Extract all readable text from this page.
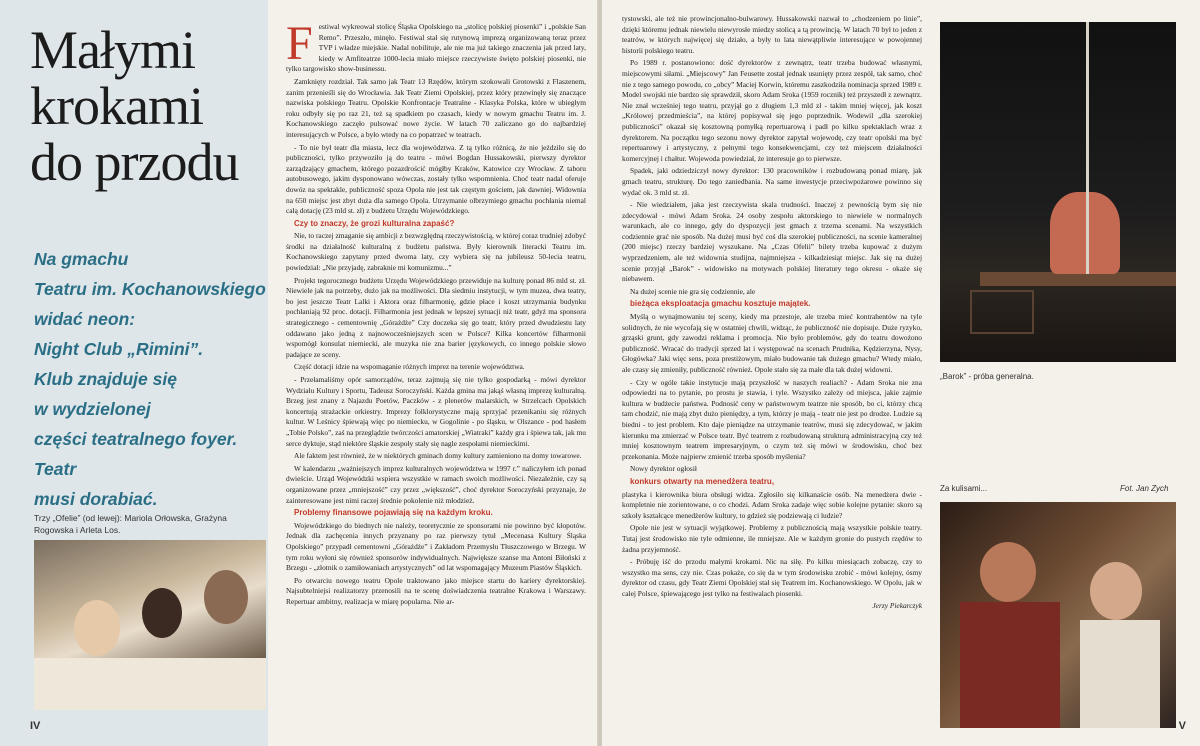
Małymi
krokami
do przodu
Na gmachu
Teatru im. Kochanowskiego
widać neon:
Night Club „Rimini”.
Klub znajduje się
w wydzielonej
części teatralnego foyer.
Teatr
musi dorabiać.
Trzy „Ofelie” (od lewej): Mariola Orłowska, Grażyna Rogowska i Arleta Los.
F estiwal wykreował stolicę Śląska Opolskiego na „stolicę polskiej piosenki” i „polskie San Remo”. Przeszło, minęło. Festiwal stał się rutynową imprezą organizowaną teraz przez TVP i władze miejskie. Nadal nobilituje, ale nie ma już takiego znaczenia jak przed laty, kiedy w Amfiteatrze 1000-lecia miało miejsce rzeczywiste święto polskiej piosenki, nie tylko targowisko show-businessu.

Zamknięty rozdział. Tak samo jak Teatr 13 Rzędów, którym szokowali Grotowski z Flaszenem, zanim przenieśli się do Wrocławia. Jak Teatr Ziemi Opolskiej, przez który przewinęły się znaczące nazwiska polskiego Teatru. Opolskie Konfrontacje Teatralne - Klasyka Polska, które w ubiegłym roku odbyły się po raz 21, też są spadkiem po czasach, kiedy w nowym gmachu Teatru im. J. Kochanowskiego zaczęło pulsować nowe życie. W latach 70 zaliczano go do najbardziej interesujących w Polsce, a było wtedy na co popatrzeć w teatrach.

- To nie był teatr dla miasta, lecz dla województwa. Z tą tylko różnicą, że nie jeździło się do publiczności, tylko przywoziło ją do teatru - mówi Bogdan Hussakowski, pierwszy dyrektor zarządzający gmachem, którego pozazdrościć mógłby Kraków, Katowice czy Wrocław. Z taboru autobusowego, jakim dysponowano wówczas, zostały tylko wspomnienia. Choć teatr nadal oferuje dowóz na spektakle, publiczność spoza Opola nie jest tak częstym gościem, jak dawniej. Widownia na 650 miejsc jest zbyt duża dla samego Opola. Utrzymanie olbrzymiego gmachu pochłania niemal całą dotację (23 mld st. zł) z budżetu Urzędu Wojewódzkiego.

Czy to znaczy, że grozi kulturalna zapaść?

Nie, to raczej zmaganie się ambicji z bezwzględną rzeczywistością, w której coraz trudniej zdobyć środki na działalność kulturalną z budżetu państwa. Były kierownik literacki Teatru im. Kochanowskiego zapytany przed dwoma laty, czy wybiera się na jubileusz 50-lecia teatru, powiedział: „Nie przyjadę, zabraknie mi komunizmu...”

Projekt tegorocznego budżetu Urzędu Wojewódzkiego przewiduje na kulturę ponad 86 mld st. zł. Niewiele jak na potrzeby, dużo jak na możliwości. Dla siedmiu instytucji, w tym muzea, dwa teatry, bo jest jeszcze Teatr Lalki i Aktora oraz filharmonię, gdzie płace i koszt utrzymania budynku pochłaniają 92 proc. dotacji. Filharmonia jest jednak w lepszej sytuacji niż teatr, gdyż ma sponsora strategicznego - cementownię „Górażdże” Czy doczeka się go teatr, który przed dwudziestu laty oddawano jako jedną z najnowocześniejszych scen w Polsce? Kilka koncertów filharmonii wspomógł konsulat niemiecki, ale muzyka nie zna barier językowych, co innego polskie słowo padające ze sceny.

Część dotacji idzie na wspomaganie różnych imprez na terenie województwa.

- Przełamaliśmy opór samorządów, teraz zajmują się nie tylko gospodarką - mówi dyrektor Wydziału Kultury i Sportu, Tadeusz Soroczyński. Każda gmina ma jakąś własną imprezę kulturalną. Brzeg jest znany z Najazdu Poetów, Paczków - z plenerów malarskich, w Strzelcach Opolskich koncertują strażackie orkiestry. Imprezy folklorystyczne mają sprzyjać przenikaniu się różnych kultur. W Leśnicy śpiewają więc po niemiecku, w Gogolinie - po śląsku, w Olszance - pod hasłem „Tobie Polsko”, zaś na przeglądzie twórczości amatorskiej „Wiatraki” każdy gra i śpiewa tak, jak mu serce dyktuje, stąd niektóre śląskie zespoły stały się nagle zespołami niemieckimi.

Ale faktem jest również, że w niektórych gminach domy kultury zamieniono na domy towarowe.

W kalendarzu „ważniejszych imprez kulturalnych województwa w 1997 r.” naliczyłem ich ponad dwieście. Urząd Wojewódzki wspiera wszystkie w ramach swoich możliwości. Niezależnie, czy są organizowane przez „mniejszość” czy przez „większość”, choć dyrektor Soroczyński przyznaje, że zainteresowane jest nimi raczej średnie pokolenie niż młodzież.

Problemy finansowe pojawiają się na każdym kroku.

Wojewódzkiego do biednych nie należy, teoretycznie ze sponsorami nie powinno być kłopotów. Jednak dla zachęcenia innych przyznany po raz pierwszy tytuł „Mecenasa Kultury Śląska Opolskiego” przypadł cementowni „Górażdże” i Zakładom Przemysłu Tłuszczowego w Brzegu. W tym roku wyłoni się również sponsorów indywidualnych. Największe szanse ma Antoni Biłoński z Brzegu - „złotnik o zamiłowaniach artystycznych” od lat wspomagający Muzeum Piastów Śląskich.

Po otwarciu nowego teatru Opole traktowano jako miejsce startu do kariery dyrektorskiej. Najsubtelniejsi realizatorzy przenosili na te scenę doświadczenia teatralne Krakowa i Warszawy. Repertuar ambitny, realizacja w miarę popularna. Nie ar-

IV

tystowski, ale też nie prowincjonalno-bulwarowy. Hussakowski nazwał to „chodzeniem po linie”, dzięki któremu jednak niewielu niewyrosłe miedzy stolicą a tą prowincją. W latach 70 był to jeden z teatrów, w których najwięcej się działo, a były to lata niewątpliwie interesujące w powojennej historii polskiego teatru.

Po 1989 r. postanowiono: dość dyrektorów z zewnątrz, teatr trzeba budować własnymi, miejscowymi siłami. „Miejscowy” Jan Feusette został jednak usunięty przez zespół, tak samo, choć nie z tego samego powodu, co „obcy” Maciej Korwin, któremu zaszkodziła nominacja sprzed 1989 r. Model swojski nie bardzo się sprawdził, skoro Adam Sroka (1959 rocznik) też przyszedł z zewnątrz. Nie znał wcześniej tego teatru, przyjął go z długiem 1,3 mld zł - takim mniej więcej, jak koszt „Królowej przedmieścia”, na której popisywał się jego poprzednik. Wodewil „dla szerokiej publiczności” okazał się kosztowną pomyłką repertuarową i padł po kilku spektaklach wraz z dyrektorem. Na początku tego sezonu nowy dyrektor zapytał wojewodę, czy teatr opolski ma być repertuarowy i artystyczny, z pełnymi tego konsekwencjami, czy też miejscem działalności komercyjnej i chałtur. Wojewoda powiedział, że interesuje go to pierwsze.

Spadek, jaki odziedziczył nowy dyrektor: 130 pracowników i rozbudowaną ponad miarę, jak gmach teatru, strukturę. Do tego zaniedbania. Na same inwestycje przeciwpożarowe powinno się wydać ok. 3 mld st. zł.

- Nie wiedziałem, jaka jest rzeczywista skala trudności. Inaczej z pewnością bym się nie zdecydował - mówi Adam Sroka. 24 osoby zespołu aktorskiego to niewiele w normalnych warunkach, ale co innego, gdy do dyspozycji jest gmach z trzema scenami. Na wszystkich codziennie grać nie sposób. Na dużej musi być coś dla szerokiej publiczności, na scenie kameralnej (200 miejsc) rzeczy bardziej wyszukane. Na „Czas Ofelii” bilety trzeba kupować z dużym wyprzedzeniem, ale też widownia studijna, najmniejsza - kilkadziesiąt miejsc. Jak się na dużej scenie przyjął „Barok” - widowisko na motywach polskiej literatury tego okresu - okaże się niebawem.

Na dużej scenie nie gra się codziennie, ale

bieżąca eksploatacja gmachu kosztuje majątek.

Myślą o wynajmowaniu tej sceny, kiedy ma przestoje, ale trzeba mieć kontrahentów na tyle solidnych, że nie wycofają się w ostatniej chwili, widząc, że publiczność nie dopisuje. Duże ryzyko, grząski grunt, gdy zawodzi reklama i promocja. Nie było problemów, gdy do teatru dowożono publiczność. Wracać do tradycji sprzed lat i występować na scenach Prudnika, Kędzierzyna, Nysy, Głogówka? Jaki więc sens, poza prestiżowym, miało budowanie tak dużego gmachu? Wtedy miało, ale czasy się zmieniły, publiczność również. Opole stało się za małe dla tak dużej widowni.

- Czy w ogóle takie instytucje mają przyszłość w naszych realiach? - Adam Sroka nie zna odpowiedzi na to pytanie, po prostu je stawia, i tyle. Wszystko zależy od miejsca, jakie zajmie kultura w budżecie państwa. Podnosić ceny w państwowym teatrze nie sposób, bo ci, którzy chcą tam chodzić, nie mają zbyt dużo pieniędzy, a tym, którzy je mają - teatr nie jest po drodze. Ludzie są biedni - to jest problem. Kto daje pieniądze na utrzymanie teatrów, musi się zdecydować, w jakim kierunku ma zmierzać w Polsce teatr. Być teatrem z rozbudowaną strukturą administracyjną czy też mniej kosztownym teatrem impresaryjnym, o czym też się mówi w środowisku, choć bez przekonania. Może najpierw zmienić trzeba sposób myślenia?

Nowy dyrektor ogłosił

konkurs otwarty na menedżera teatru,

plastyka i kierownika biura obsługi widza. Zgłosiło się kilkanaście osób. Na menedżera dwie - kompletnie nie zorientowane, o co chodzi. Adam Sroka zadaje więc sobie kolejne pytanie: skoro są szkoły kształcące menedżerów kultury, to gdzież się podziewają ci ludzie?

Opole nie jest w sytuacji wyjątkowej. Problemy z publicznością mają wszystkie polskie teatry. Tutaj jest środowisko nie tyle odmienne, ile mniejsze. Ale w każdym gronie do pustych rzędów to żadna przyjemność.

- Próbuję iść do przodu małymi krokami. Nic na siłę. Po kilku miesiącach zobaczę, czy to wszystko ma sens, czy nie. Czas pokaże, co się da w tym środowisku zrobić - mówi kolejny, ósmy dyrektor od czasu, gdy Teatr Ziemi Opolskiej stał się Teatrem im. Kochanowskiego. W Opolu, jak w całej Polsce, śpiewającego jest tylko na festiwalach piosenki.

Jerzy Piekarczyk

„Barok” - próba generalna.
Za kulisami...	Fot. Jan Zych
V
